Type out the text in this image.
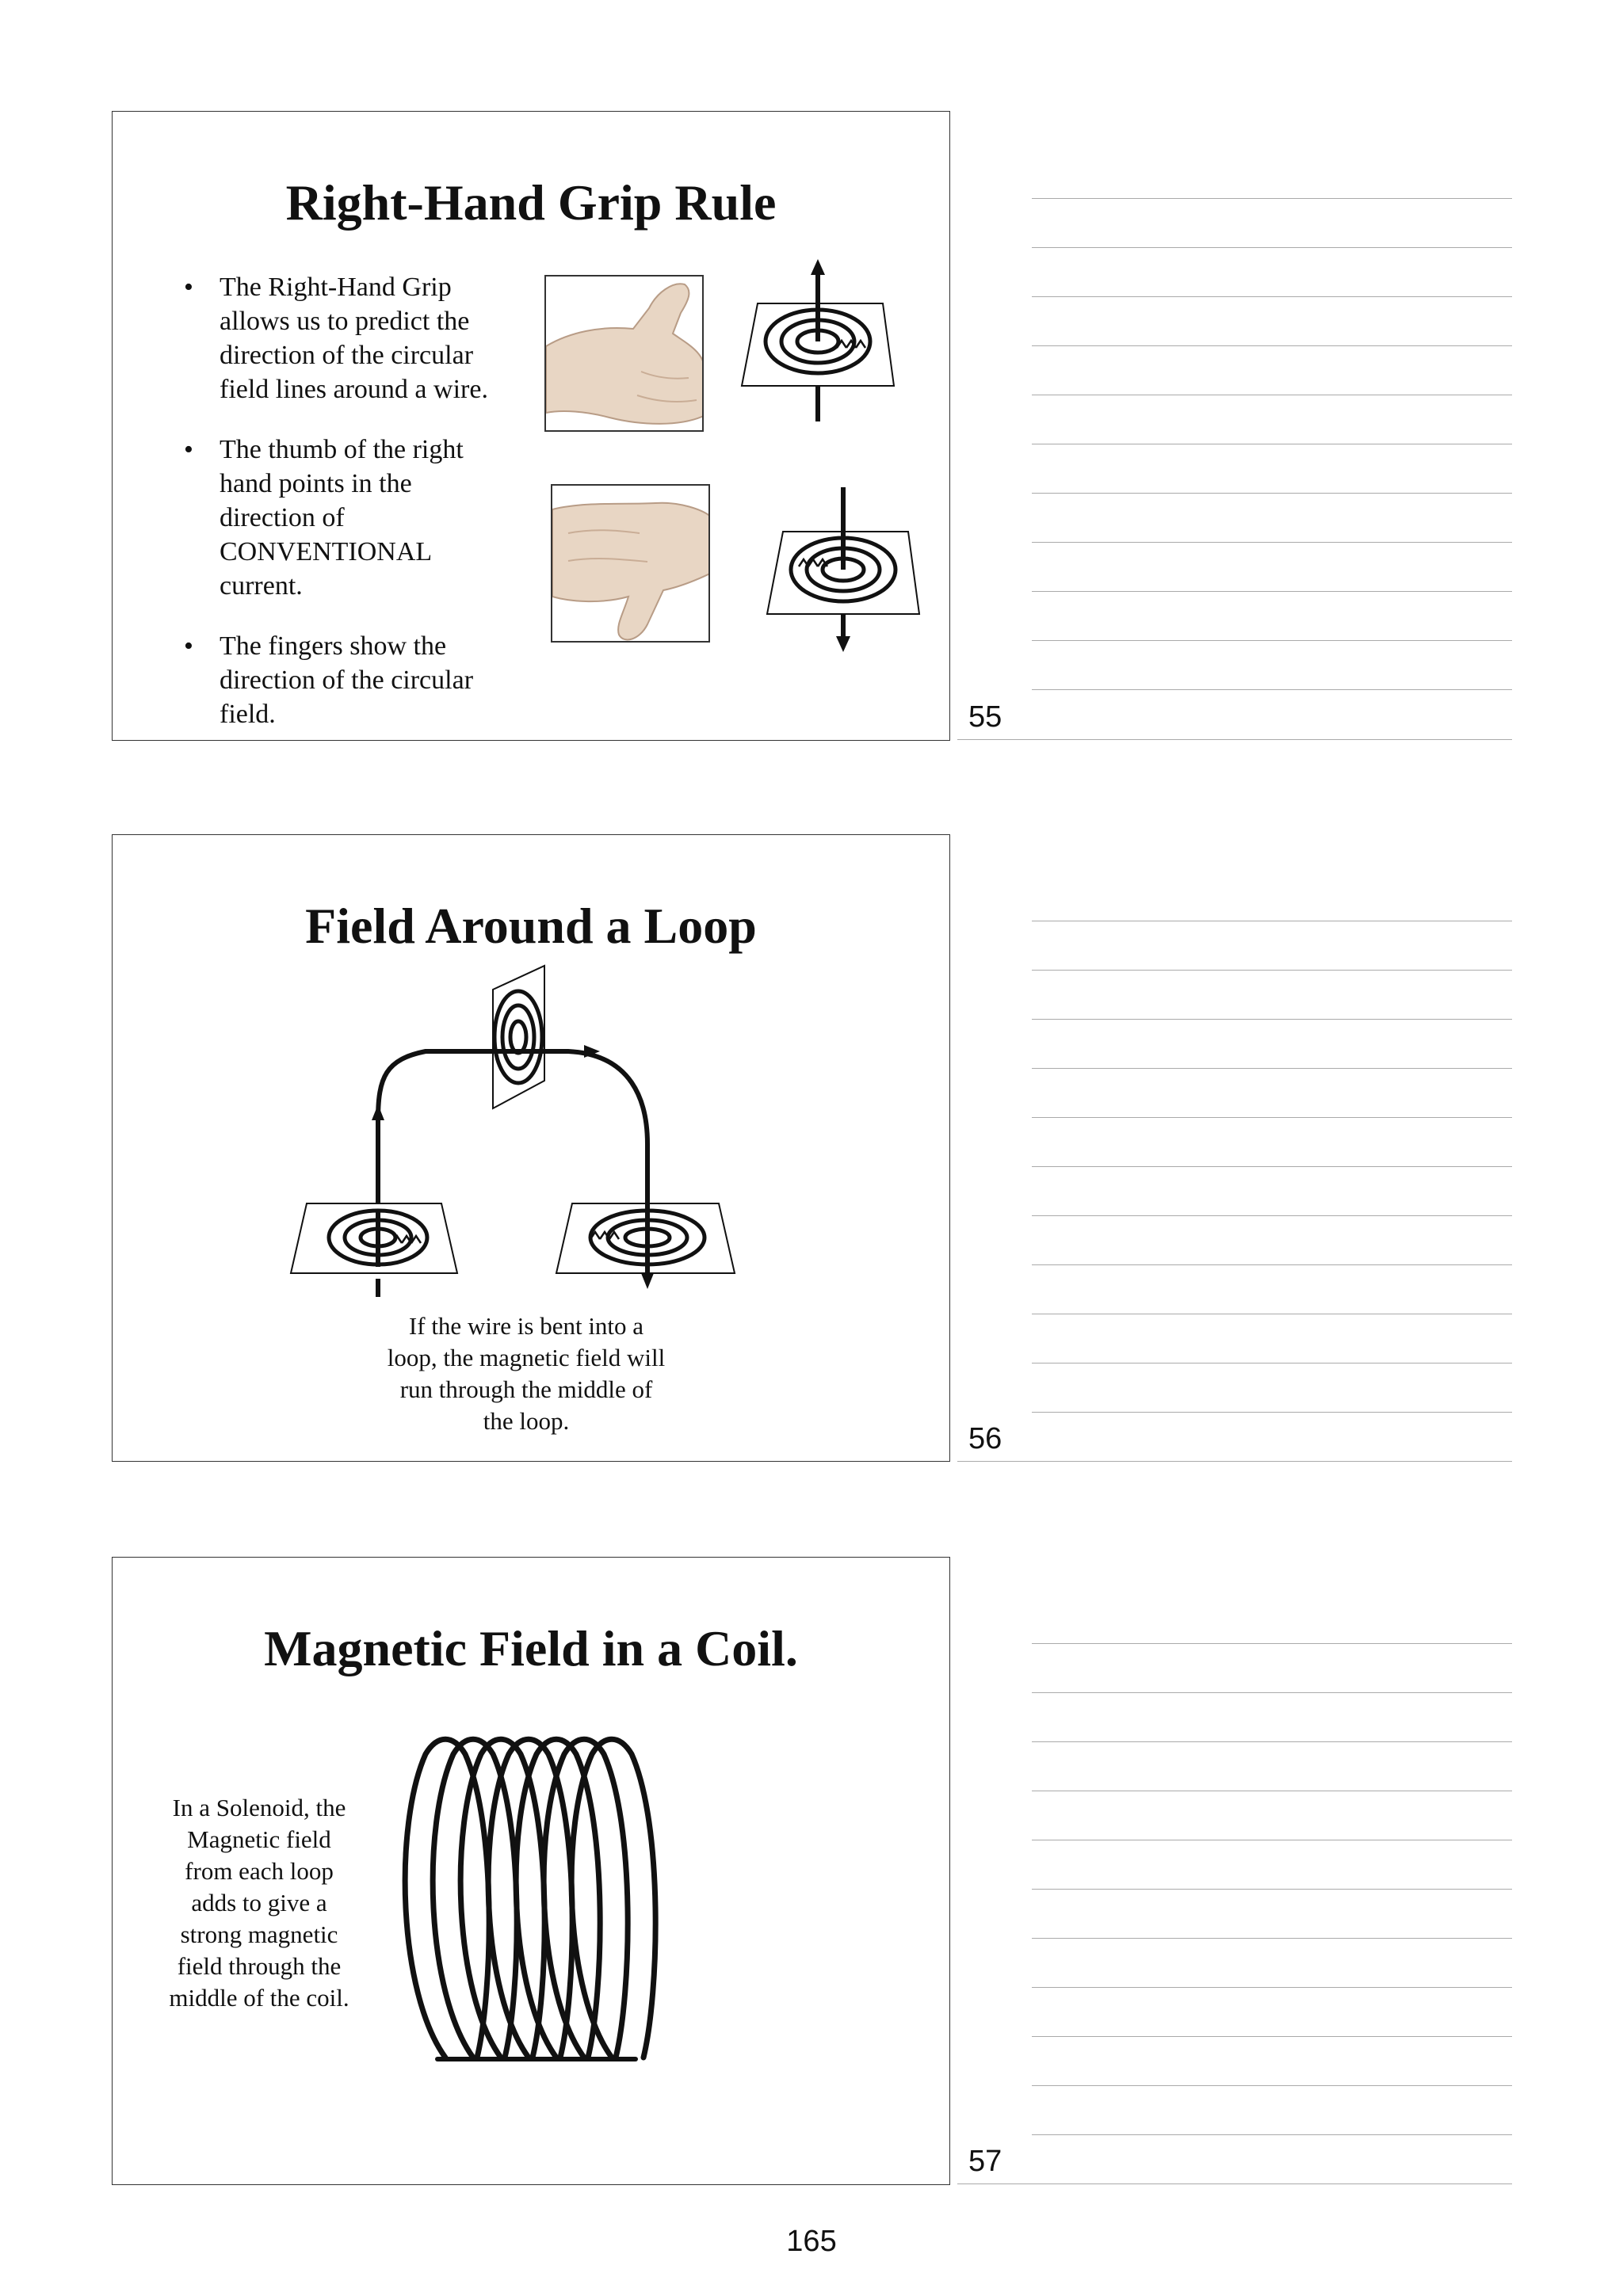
Right-Hand Grip Rule
• The Right-Hand Grip allows us to predict the direction of the circular field lines around a wire.
• The thumb of the right hand points in the direction of CONVENTIONAL current.
• The fingers show the direction of the circular field.
Field Around a Loop
If the wire is bent into a loop, the magnetic field will run through the middle of the loop.
Magnetic Field in a Coil.
In a Solenoid, the Magnetic field from each loop adds to give a strong magnetic field through the middle of the coil.
55
56
57
165
